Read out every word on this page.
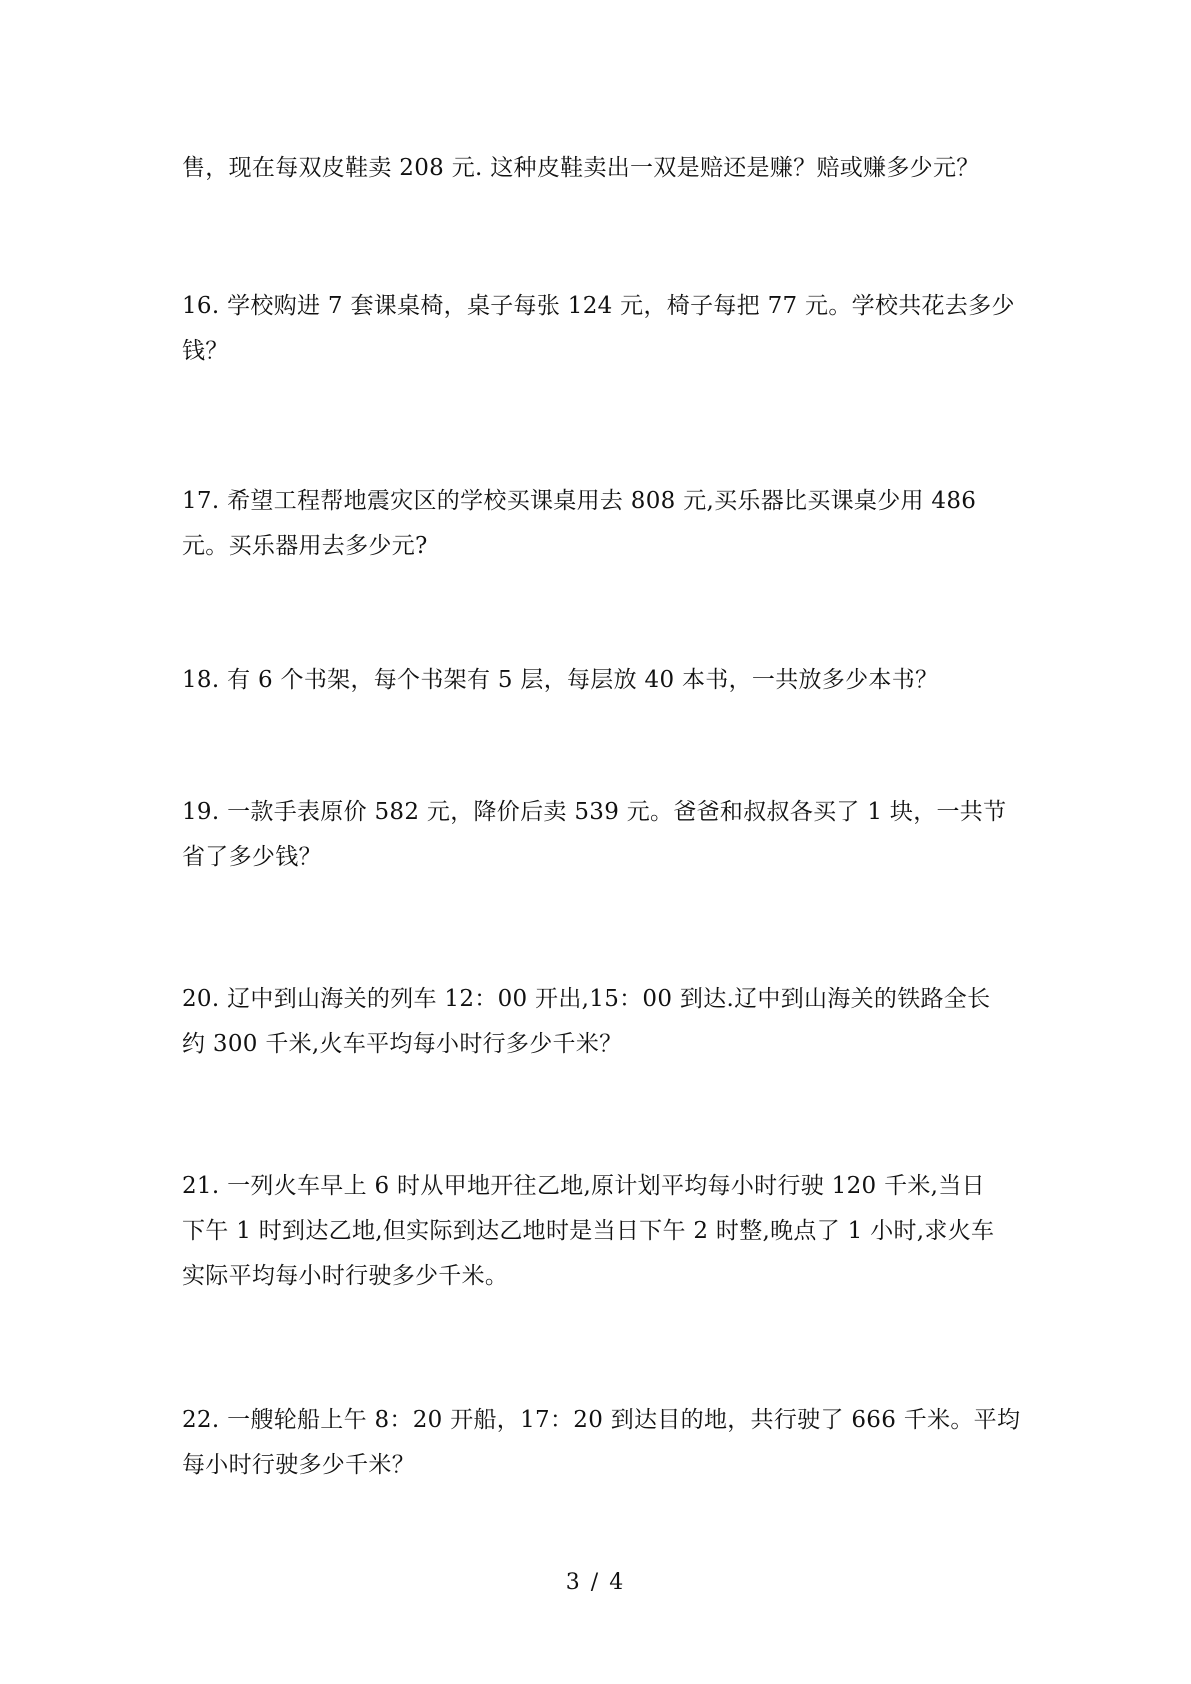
售，现在每双皮鞋卖 208 元. 这种皮鞋卖出一双是赔还是赚？赔或赚多少元？
16. 学校购进 7 套课桌椅，桌子每张 124 元，椅子每把 77 元。学校共花去多少
钱？
17. 希望工程帮地震灾区的学校买课桌用去 808 元,买乐器比买课桌少用 486
元。买乐器用去多少元?
18. 有 6 个书架，每个书架有 5 层，每层放 40 本书，一共放多少本书？
19. 一款手表原价 582 元，降价后卖 539 元。爸爸和叔叔各买了 1 块，一共节
省了多少钱？
20. 辽中到山海关的列车 12：00 开出,15：00 到达.辽中到山海关的铁路全长
约 300 千米,火车平均每小时行多少千米？
21. 一列火车早上 6 时从甲地开往乙地,原计划平均每小时行驶 120 千米,当日
下午 1 时到达乙地,但实际到达乙地时是当日下午 2 时整,晚点了 1 小时,求火车
实际平均每小时行驶多少千米。
22. 一艘轮船上午 8：20 开船，17：20 到达目的地，共行驶了 666 千米。平均
每小时行驶多少千米？
3 / 4
